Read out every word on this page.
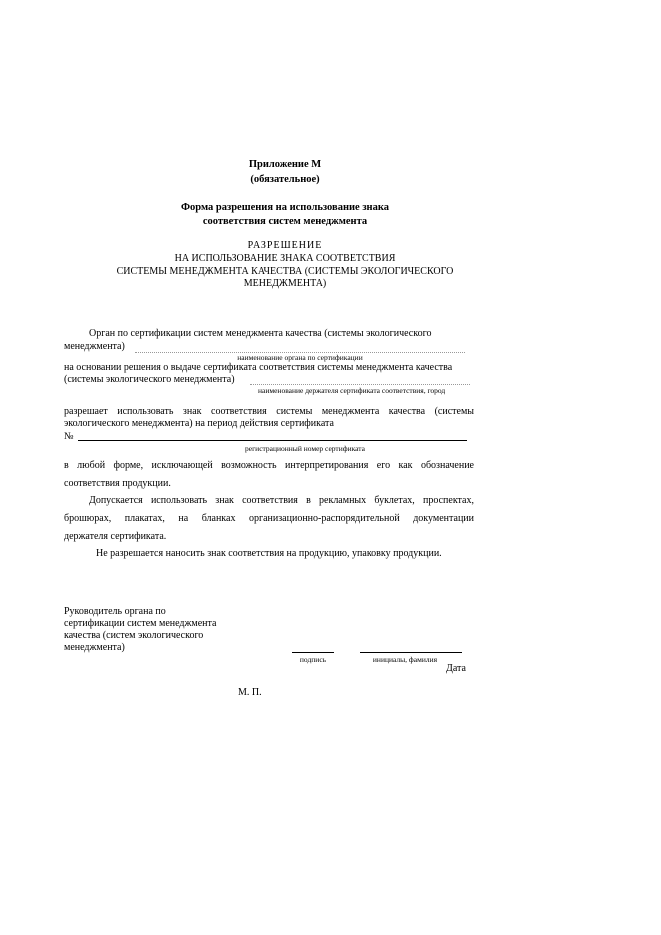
Приложение М
(обязательное)
Форма разрешения на использование знака
соответствия систем менеджмента
РАЗРЕШЕНИЕ
НА ИСПОЛЬЗОВАНИЕ ЗНАКА СООТВЕТСТВИЯ
СИСТЕМЫ МЕНЕДЖМЕНТА КАЧЕСТВА (СИСТЕМЫ ЭКОЛОГИЧЕСКОГО
МЕНЕДЖМЕНТА)
Орган по сертификации систем менеджмента качества (системы экологического
менеджмента)
наименование органа по сертификации
на основании решения о выдаче сертификата соответствия системы менеджмента качества
(системы экологического менеджмента)
наименование держателя сертификата соответствия, город
разрешает использовать знак соответствия системы менеджмента качества (системы
экологического менеджмента) на период действия сертификата
№
регистрационный номер сертификата
в любой форме, исключающей возможность интерпретирования его как обозначение
соответствия продукции.
Допускается использовать знак соответствия в рекламных буклетах, проспектах,
брошюрах, плакатах, на бланках организационно-распорядительной документации
держателя сертификата.
Не разрешается наносить знак соответствия на продукцию, упаковку продукции.
Руководитель органа по
сертификации систем менеджмента
качества (систем экологического
менеджмента)
подпись	инициалы, фамилия
Дата
М. П.
